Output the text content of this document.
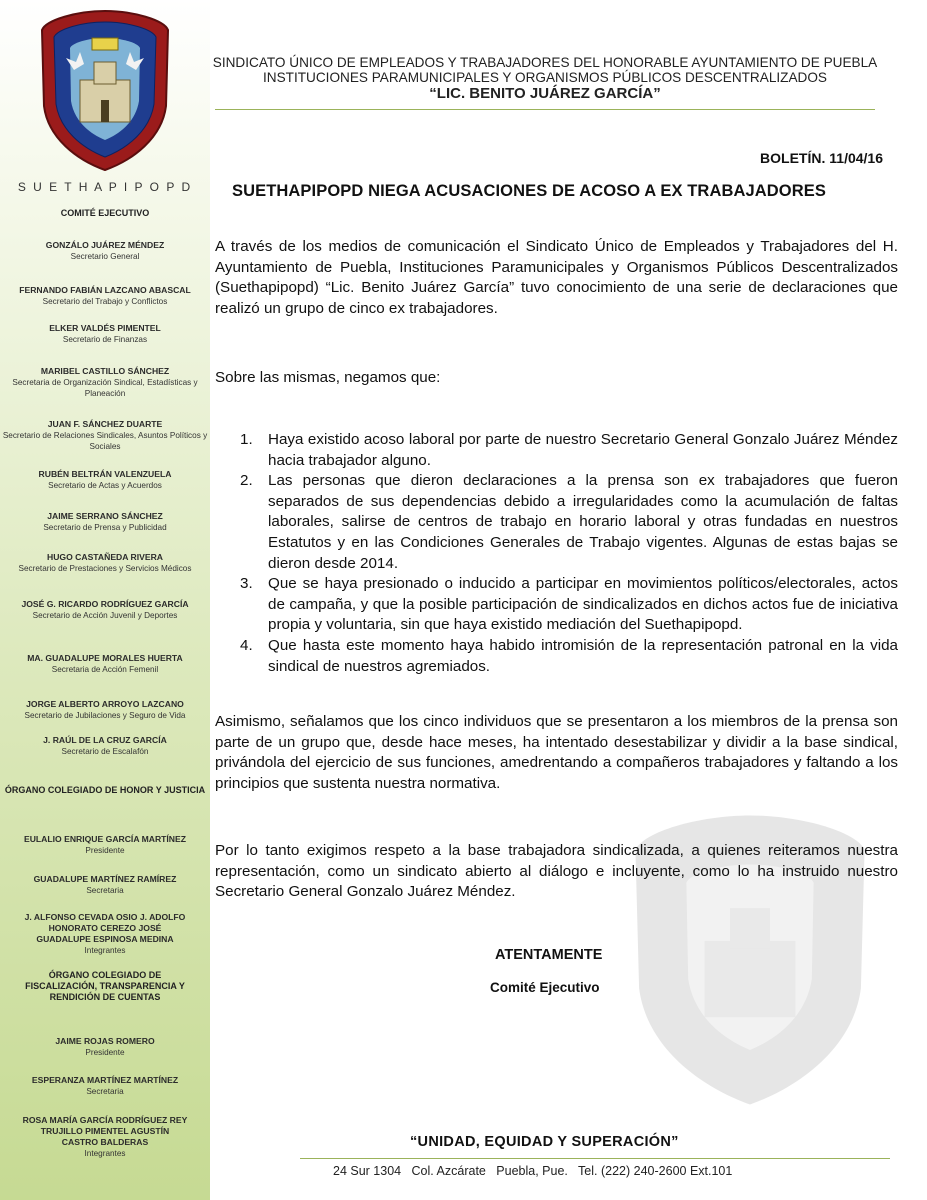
S U E T H A P I P O P D
COMITÉ EJECUTIVO
GONZÁLO JUÁREZ MÉNDEZ
Secretario General
FERNANDO FABIÁN LAZCANO ABASCAL
Secretario del Trabajo y Conflictos
ELKER VALDÉS PIMENTEL
Secretario de Finanzas
MARIBEL CASTILLO SÁNCHEZ
Secretaria de Organización Sindical, Estadísticas y Planeación
JUAN F. SÁNCHEZ DUARTE
Secretario de Relaciones Sindicales, Asuntos Políticos y Sociales
RUBÉN BELTRÁN VALENZUELA
Secretario de Actas y Acuerdos
JAIME SERRANO SÁNCHEZ
Secretario de Prensa y Publicidad
HUGO CASTAÑEDA RIVERA
Secretario de Prestaciones y Servicios Médicos
JOSÉ G. RICARDO RODRÍGUEZ GARCÍA
Secretario de Acción Juvenil y Deportes
MA. GUADALUPE MORALES HUERTA
Secretaria de Acción Femenil
JORGE ALBERTO ARROYO LAZCANO
Secretario de Jubilaciones y Seguro de Vida
J. RAÚL DE LA CRUZ GARCÍA
Secretario de Escalafón
ÓRGANO COLEGIADO DE HONOR Y JUSTICIA
EULALIO ENRIQUE GARCÍA MARTÍNEZ
Presidente
GUADALUPE MARTÍNEZ RAMÍREZ
Secretaria
J. ALFONSO CEVADA OSIO J. ADOLFO HONORATO CEREZO JOSÉ GUADALUPE ESPINOSA MEDINA
Integrantes
ÓRGANO COLEGIADO DE FISCALIZACIÓN, TRANSPARENCIA Y RENDICIÓN DE CUENTAS
JAIME ROJAS ROMERO
Presidente
ESPERANZA MARTÍNEZ MARTÍNEZ
Secretaria
ROSA MARÍA GARCÍA RODRÍGUEZ REY TRUJILLO PIMENTEL AGUSTÍN CASTRO BALDERAS
Integrantes
SINDICATO ÚNICO DE EMPLEADOS Y TRABAJADORES DEL HONORABLE AYUNTAMIENTO DE PUEBLA
INSTITUCIONES PARAMUNICIPALES Y ORGANISMOS PÚBLICOS DESCENTRALIZADOS
“LIC. BENITO JUÁREZ GARCÍA”
BOLETÍN. 11/04/16
SUETHAPIPOPD NIEGA ACUSACIONES DE ACOSO A EX TRABAJADORES
A través de los medios de comunicación el Sindicato Único de Empleados y Trabajadores del H. Ayuntamiento de Puebla, Instituciones Paramunicipales y Organismos Públicos Descentralizados (Suethapipopd) “Lic. Benito Juárez García” tuvo conocimiento de una serie de declaraciones que realizó un grupo de cinco ex trabajadores.
Sobre las mismas, negamos que:
1. Haya existido acoso laboral por parte de nuestro Secretario General Gonzalo Juárez Méndez hacia trabajador alguno.
2. Las personas que dieron declaraciones a la prensa son ex trabajadores que fueron separados de sus dependencias debido a irregularidades como la acumulación de faltas laborales, salirse de centros de trabajo en horario laboral y otras fundadas en nuestros Estatutos y en las Condiciones Generales de Trabajo vigentes. Algunas de estas bajas se dieron desde 2014.
3. Que se haya presionado o inducido a participar en movimientos políticos/electorales, actos de campaña, y que la posible participación de sindicalizados en dichos actos fue de iniciativa propia y voluntaria, sin que haya existido mediación del Suethapipopd.
4. Que hasta este momento haya habido intromisión de la representación patronal en la vida sindical de nuestros agremiados.
Asimismo, señalamos que los cinco individuos que se presentaron a los miembros de la prensa son parte de un grupo que, desde hace meses, ha intentado desestabilizar y dividir a la base sindical, privándola del ejercicio de sus funciones, amedrentando a compañeros trabajadores y faltando a los principios que sustenta nuestra normativa.
Por lo tanto exigimos respeto a la base trabajadora sindicalizada, a quienes reiteramos nuestra representación, como un sindicato abierto al diálogo e incluyente, como lo ha instruido nuestro Secretario General Gonzalo Juárez Méndez.
ATENTAMENTE
Comité Ejecutivo
“UNIDAD, EQUIDAD Y SUPERACIÓN”
24 Sur 1304   Col. Azcárate   Puebla, Pue.   Tel. (222) 240-2600 Ext.101
